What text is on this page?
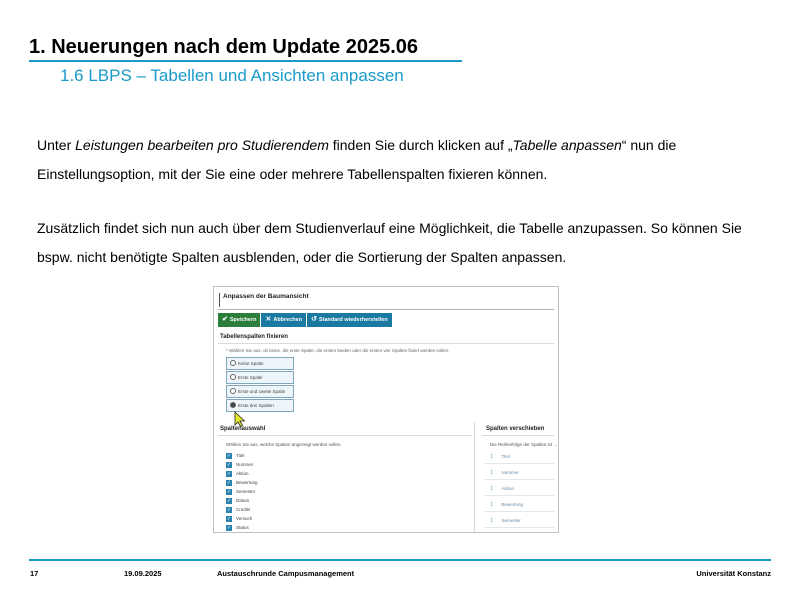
1. Neuerungen nach dem Update 2025.06
1.6 LBPS – Tabellen und Ansichten anpassen
Unter Leistungen bearbeiten pro Studierendem finden Sie durch klicken auf „Tabelle anpassen“ nun die Einstellungsoption, mit der Sie eine oder mehrere Tabellenspalten fixieren können.
Zusätzlich findet sich nun auch über dem Studienverlauf eine Möglichkeit, die Tabelle anzupassen. So können Sie bspw. nicht benötigte Spalten ausblenden, oder die Sortierung der Spalten anpassen.
Anpassen der Baumansicht
✔ Speichern	✕ Abbrechen	↺ Standard wiederherstellen
Tabellenspalten fixieren
* Wählen Sie aus, ob keine, die erste Spalte, die ersten beiden oder die ersten vier Spalten fixiert werden sollen.
Keine Spalte
Erste Spalte
Erste und zweite Spalte
Erste drei Spalten
Spaltenauswahl	Spalten verschieben
Wählen Sie aus, welche Spalten angezeigt werden sollen.	Die Reihenfolge der Spalten ist ...
✓ Titel
✓ Nummer
✓ Aktion
✓ Bewertung
✓ Semester
✓ Datum
✓ Credits
✓ Versuch
✓ Status
↕ Titel
↕ Nummer
↕ Aktion
↕ Bewertung
↕ Semester
17	19.09.2025	Austauschrunde Campusmanagement	Universität Konstanz
